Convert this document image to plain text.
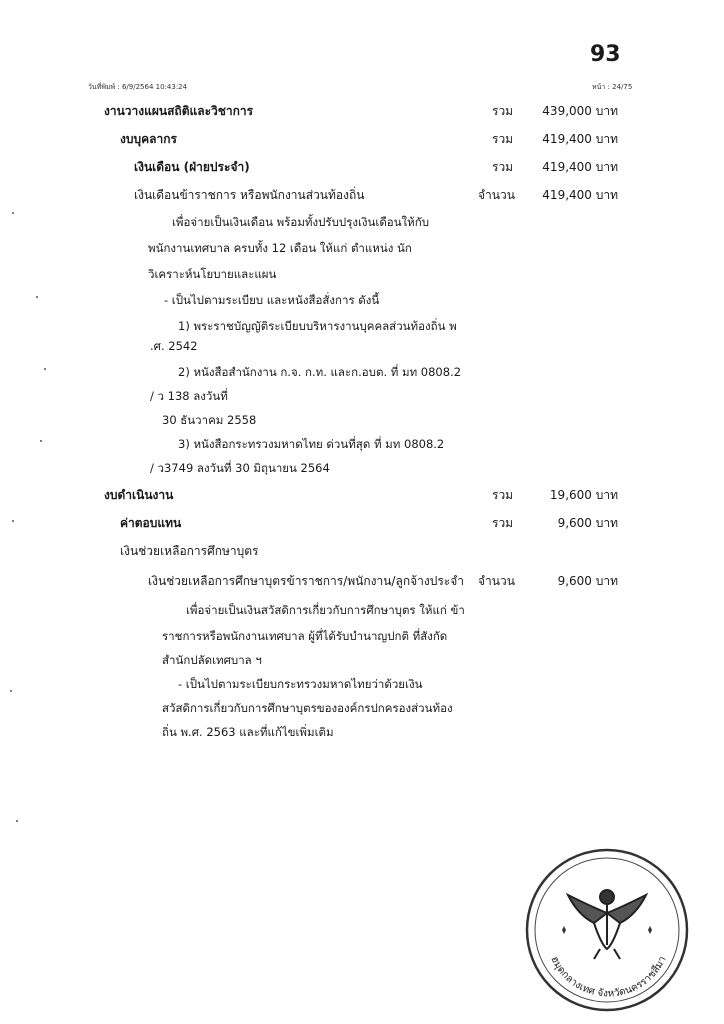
93
วันที่พิมพ์ : 6/9/2564 10:43:24	หน้า : 24/75
งานวางแผนสถิติและวิชาการ	รวม	439,000 บาท
งบบุคลากร	รวม	419,400 บาท
เงินเดือน (ฝ่ายประจำ)	รวม	419,400 บาท
เงินเดือนข้าราชการ หรือพนักงานส่วนท้องถิ่น	จำนวน	419,400 บาท
เพื่อจ่ายเป็นเงินเดือน พร้อมทั้งปรับปรุงเงินเดือนให้กับ
พนักงานเทศบาล ครบทั้ง 12 เดือน ให้แก่ ตำแหน่ง นัก
วิเคราะห์นโยบายและแผน
- เป็นไปตามระเบียบ และหนังสือสั่งการ ดังนี้
1) พระราชบัญญัติระเบียบบริหารงานบุคคลส่วนท้องถิ่น พ
.ศ. 2542
2) หนังสือสำนักงาน ก.จ. ก.ท. และก.อบต. ที่ มท 0808.2
/ ว 138 ลงวันที่
30 ธันวาคม 2558
3) หนังสือกระทรวงมหาดไทย ด่วนที่สุด ที่ มท 0808.2
/ ว3749 ลงวันที่ 30 มิถุนายน 2564
งบดำเนินงาน	รวม	19,600 บาท
ค่าตอบแทน	รวม	9,600 บาท
เงินช่วยเหลือการศึกษาบุตร
เงินช่วยเหลือการศึกษาบุตรข้าราชการ/พนักงาน/ลูกจ้างประจำ จำนวน	9,600 บาท
เพื่อจ่ายเป็นเงินสวัสดิการเกี่ยวกับการศึกษาบุตร ให้แก่ ข้า
ราชการหรือพนักงานเทศบาล ผู้ที่ได้รับบำนาญปกติ ที่สังกัด
สำนักปลัดเทศบาล ฯ
- เป็นไปตามระเบียบกระทรวงมหาดไทยว่าด้วยเงิน
สวัสดิการเกี่ยวกับการศึกษาบุตรขององค์กรปกครองส่วนท้อง
ถิ่น พ.ศ. 2563 และที่แก้ไขเพิ่มเติม
ฮมุดกลางเทศ จังหวัดนครราชสีมา
